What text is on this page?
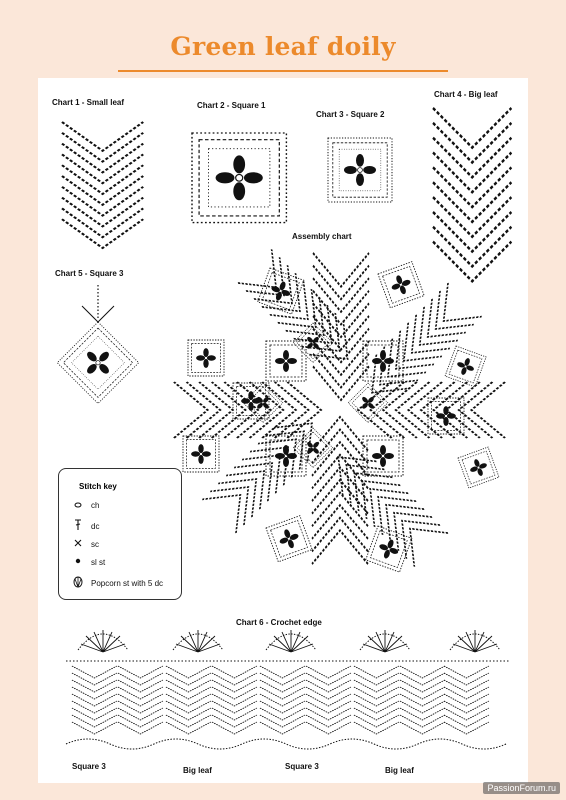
Green leaf doily
Chart 1 - Small leaf	Chart 2 - Square 1
Chart 3 - Square 2
Chart 4 - Big leaf
Chart 5 - Square 3
Assembly chart
Chart 6 - Crochet edge
Stitch key
ch
dc
sc
sl st
Popcorn st with 5 dc
Square 3	Big leaf	Square 3	Big leaf
PassionForum.ru
